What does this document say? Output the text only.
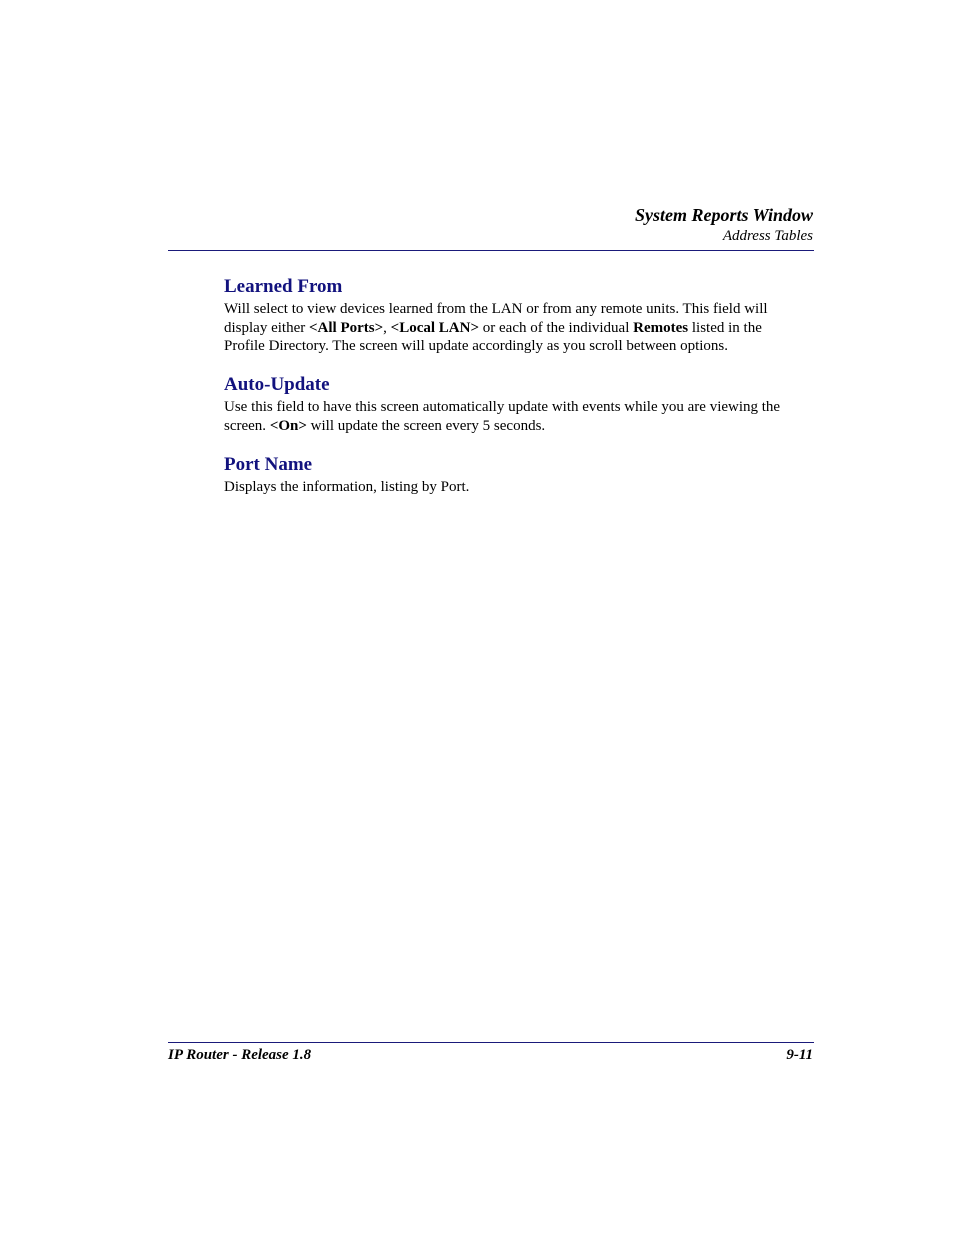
System Reports Window
Address Tables
Learned From
Will select to view devices learned from the LAN or from any remote units. This field will
display either <All Ports>, <Local LAN> or each of the individual Remotes listed in the
Profile Directory. The screen will update accordingly as you scroll between options.
Auto-Update
Use this field to have this screen automatically update with events while you are viewing the
screen. <On> will update the screen every 5 seconds.
Port Name
Displays the information, listing by Port.
IP Router - Release 1.8	9-11
